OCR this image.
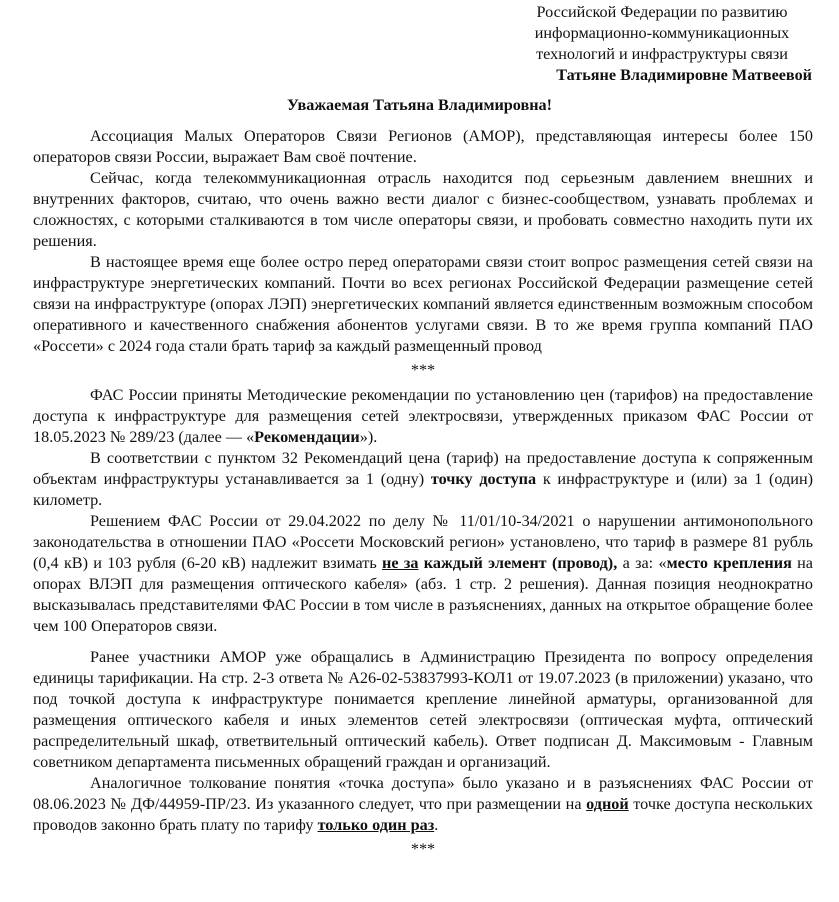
Российской Федерации по развитию
информационно-коммуникационных
технологий и инфраструктуры связи
Татьяне Владимировне Матвеевой
Уважаемая Татьяна Владимировна!

Ассоциация Малых Операторов Связи Регионов (АМОР), представляющая интересы более 150 операторов связи России, выражает Вам своё почтение.

Сейчас, когда телекоммуникационная отрасль находится под серьезным давлением внешних и внутренних факторов, считаю, что очень важно вести диалог с бизнес-сообществом, узнавать проблемах и сложностях, с которыми сталкиваются в том числе операторы связи, и пробовать совместно находить пути их решения.

В настоящее время еще более остро перед операторами связи стоит вопрос размещения сетей связи на инфраструктуре энергетических компаний. Почти во всех регионах Российской Федерации размещение сетей связи на инфраструктуре (опорах ЛЭП) энергетических компаний является единственным возможным способом оперативного и качественного снабжения абонентов услугами связи. В то же время группа компаний ПАО «Россети» с 2024 года стали брать тариф за каждый размещенный провод

***

ФАС России приняты Методические рекомендации по установлению цен (тарифов) на предоставление доступа к инфраструктуре для размещения сетей электросвязи, утвержденных приказом ФАС России от 18.05.2023 № 289/23 (далее — «Рекомендации»).

В соответствии с пунктом 32 Рекомендаций цена (тариф) на предоставление доступа к сопряженным объектам инфраструктуры устанавливается за 1 (одну) точку доступа к инфраструктуре и (или) за 1 (один) километр.

Решением ФАС России от 29.04.2022 по делу № 11/01/10-34/2021 о нарушении антимонопольного законодательства в отношении ПАО «Россети Московский регион» установлено, что тариф в размере 81 рубль (0,4 кВ) и 103 рубля (6-20 кВ) надлежит взимать не за каждый элемент (провод), а за: «место крепления на опорах ВЛЭП для размещения оптического кабеля» (абз. 1 стр. 2 решения). Данная позиция неоднократно высказывалась представителями ФАС России в том числе в разъяснениях, данных на открытое обращение более чем 100 Операторов связи.

Ранее участники АМОР уже обращались в Администрацию Президента по вопросу определения единицы тарификации. На стр. 2-3 ответа № А26-02-53837993-КОЛ1 от 19.07.2023 (в приложении) указано, что под точкой доступа к инфраструктуре понимается крепление линейной арматуры, организованной для размещения оптического кабеля и иных элементов сетей электросвязи (оптическая муфта, оптический распределительный шкаф, ответвительный оптический кабель). Ответ подписан Д. Максимовым - Главным советником департамента письменных обращений граждан и организаций.

Аналогичное толкование понятия «точка доступа» было указано и в разъяснениях ФАС России от 08.06.2023 № ДФ/44959-ПР/23. Из указанного следует, что при размещении на одной точке доступа нескольких проводов законно брать плату по тарифу только один раз.

***
